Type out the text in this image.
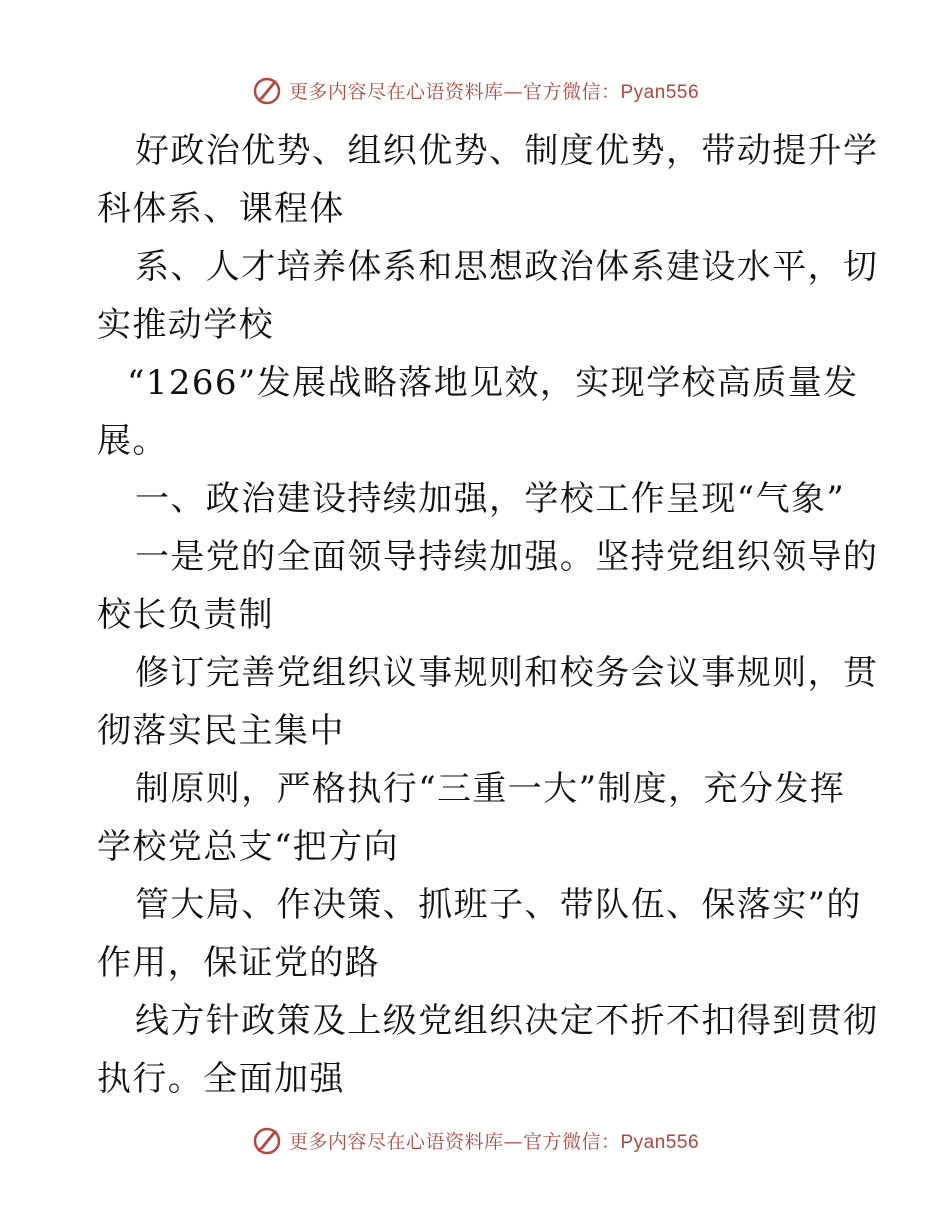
更多内容尽在心语资料库—官方微信：Pyan556

好政治优势、组织优势、制度优势，带动提升学
科体系、课程体

系、人才培养体系和思想政治体系建设水平，切
实推动学校

“1266”发展战略落地见效，实现学校高质量发
展。

一、政治建设持续加强，学校工作呈现“气象”

一是党的全面领导持续加强。坚持党组织领导的
校长负责制

修订完善党组织议事规则和校务会议事规则，贯
彻落实民主集中

制原则，严格执行“三重一大”制度，充分发挥
学校党总支“把方向

管大局、作决策、抓班子、带队伍、保落实”的
作用，保证党的路

线方针政策及上级党组织决定不折不扣得到贯彻
执行。全面加强

更多内容尽在心语资料库—官方微信：Pyan556
